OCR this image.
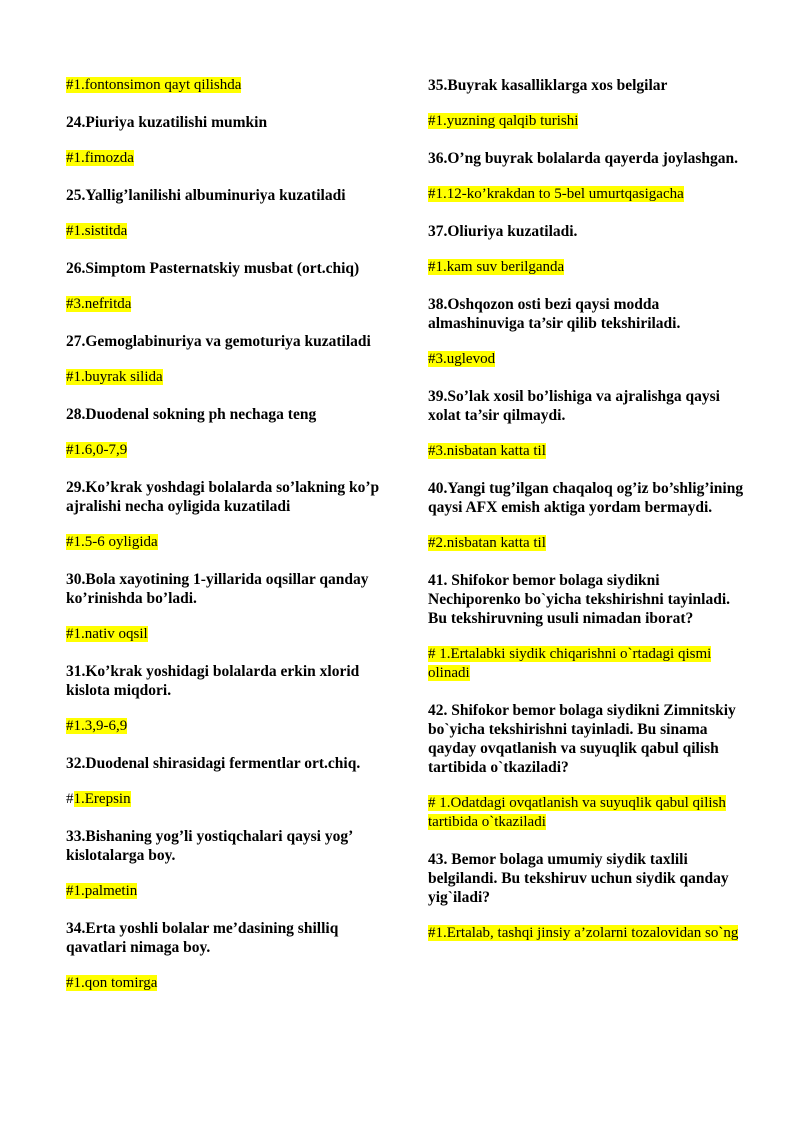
#1.fontonsimon qayt qilishda

24.Piuriya kuzatilishi mumkin

#1.fimozda

25.Yallig’lanilishi albuminuriya kuzatiladi

#1.sistitda

26.Simptom Pasternatskiy musbat (ort.chiq)

#3.nefritda

27.Gemoglabinuriya va gemoturiya kuzatiladi

#1.buyrak silida

28.Duodenal sokning ph nechaga teng

#1.6,0-7,9

29.Ko’krak yoshdagi bolalarda so’lakning ko’p ajralishi necha oyligida kuzatiladi

#1.5-6 oyligida

30.Bola xayotining 1-yillarida oqsillar qanday ko’rinishda bo’ladi.

#1.nativ oqsil

31.Ko’krak yoshidagi bolalarda erkin xlorid kislota miqdori.

#1.3,9-6,9

32.Duodenal shirasidagi fermentlar ort.chiq.

#1.Erepsin

33.Bishaning yog’li yostiqchalari qaysi yog’ kislotalarga boy.

#1.palmetin

34.Erta yoshli bolalar me’dasining shilliq qavatlari nimaga boy.

#1.qon tomirga

35.Buyrak kasalliklarga xos belgilar

#1.yuzning qalqib turishi

36.O’ng buyrak bolalarda qayerda joylashgan.

#1.12-ko’krakdan to 5-bel umurtqasigacha

37.Oliuriya kuzatiladi.

#1.kam suv berilganda

38.Oshqozon osti bezi qaysi modda almashinuviga ta’sir qilib tekshiriladi.

#3.uglevod

39.So’lak xosil bo’lishiga va ajralishga qaysi xolat ta’sir qilmaydi.

#3.nisbatan katta til

40.Yangi tug’ilgan chaqaloq og’iz bo’shlig’ining qaysi AFX emish aktiga yordam bermaydi.

#2.nisbatan katta til

41. Shifokor bemor bolaga siydikni Nechiporenko bo`yicha tekshirishni tayinladi. Bu tekshiruvning usuli nimadan iborat?

# 1.Ertalabki siydik chiqarishni o`rtadagi qismi olinadi

42. Shifokor bemor bolaga siydikni Zimnitskiy bo`yicha tekshirishni tayinladi. Bu sinama qayday ovqatlanish va suyuqlik qabul qilish tartibida o`tkaziladi?

# 1.Odatdagi ovqatlanish va suyuqlik qabul qilish tartibida o`tkaziladi

43. Bemor bolaga umumiy siydik taxlili belgilandi. Bu tekshiruv uchun siydik qanday yig`iladi?

#1.Ertalab, tashqi jinsiy a’zolarni tozalovidan so`ng
